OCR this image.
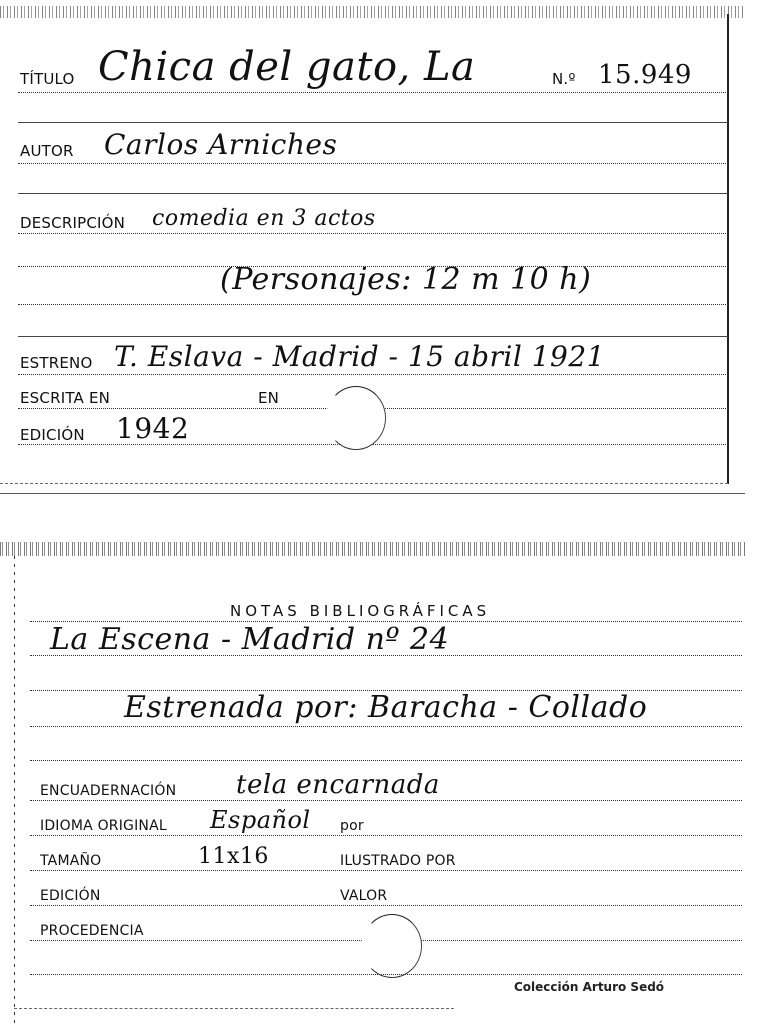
TÍTULO Chica del gato, La	N.º 15.949
AUTOR Carlos Arniches
DESCRIPCIÓN comedia en 3 actos
(Personajes: 12 m 10 h)
ESTRENO T. Eslava - Madrid - 15 abril 1921
ESCRITA EN	EN
EDICIÓN 1942
NOTAS BIBLIOGRÁFICAS
La Escena - Madrid nº 24
Estrenada por: Baracha - Collado
ENCUADERNACIÓN tela encarnada
IDIOMA ORIGINAL Español por
TAMAÑO	11x16	ILUSTRADO POR
EDICIÓN	VALOR
PROCEDENCIA
Colección Arturo Sedó
